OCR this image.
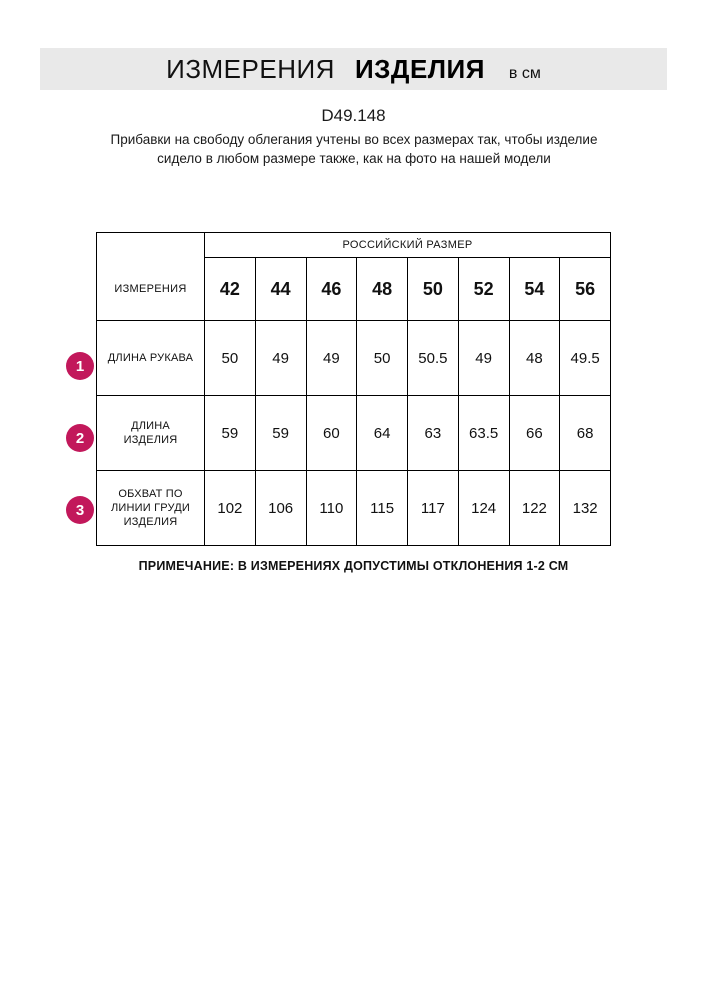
ИЗМЕРЕНИЯ ИЗДЕЛИЯ в см
D49.148
Прибавки на свободу облегания учтены во всех размерах так, чтобы изделие сидело в любом размере также, как на фото на нашей модели
	РОССИЙСКИЙ РАЗМЕР							
ИЗМЕРЕНИЯ	42	44	46	48	50	52	54	56
ДЛИНА РУКАВА	50	49	49	50	50.5	49	48	49.5
ДЛИНА ИЗДЕЛИЯ	59	59	60	64	63	63.5	66	68
ОБХВАТ ПО ЛИНИИ ГРУДИ ИЗДЕЛИЯ	102	106	110	115	117	124	122	132
1
2
3
ПРИМЕЧАНИЕ: В ИЗМЕРЕНИЯХ ДОПУСТИМЫ ОТКЛОНЕНИЯ 1-2 СМ
